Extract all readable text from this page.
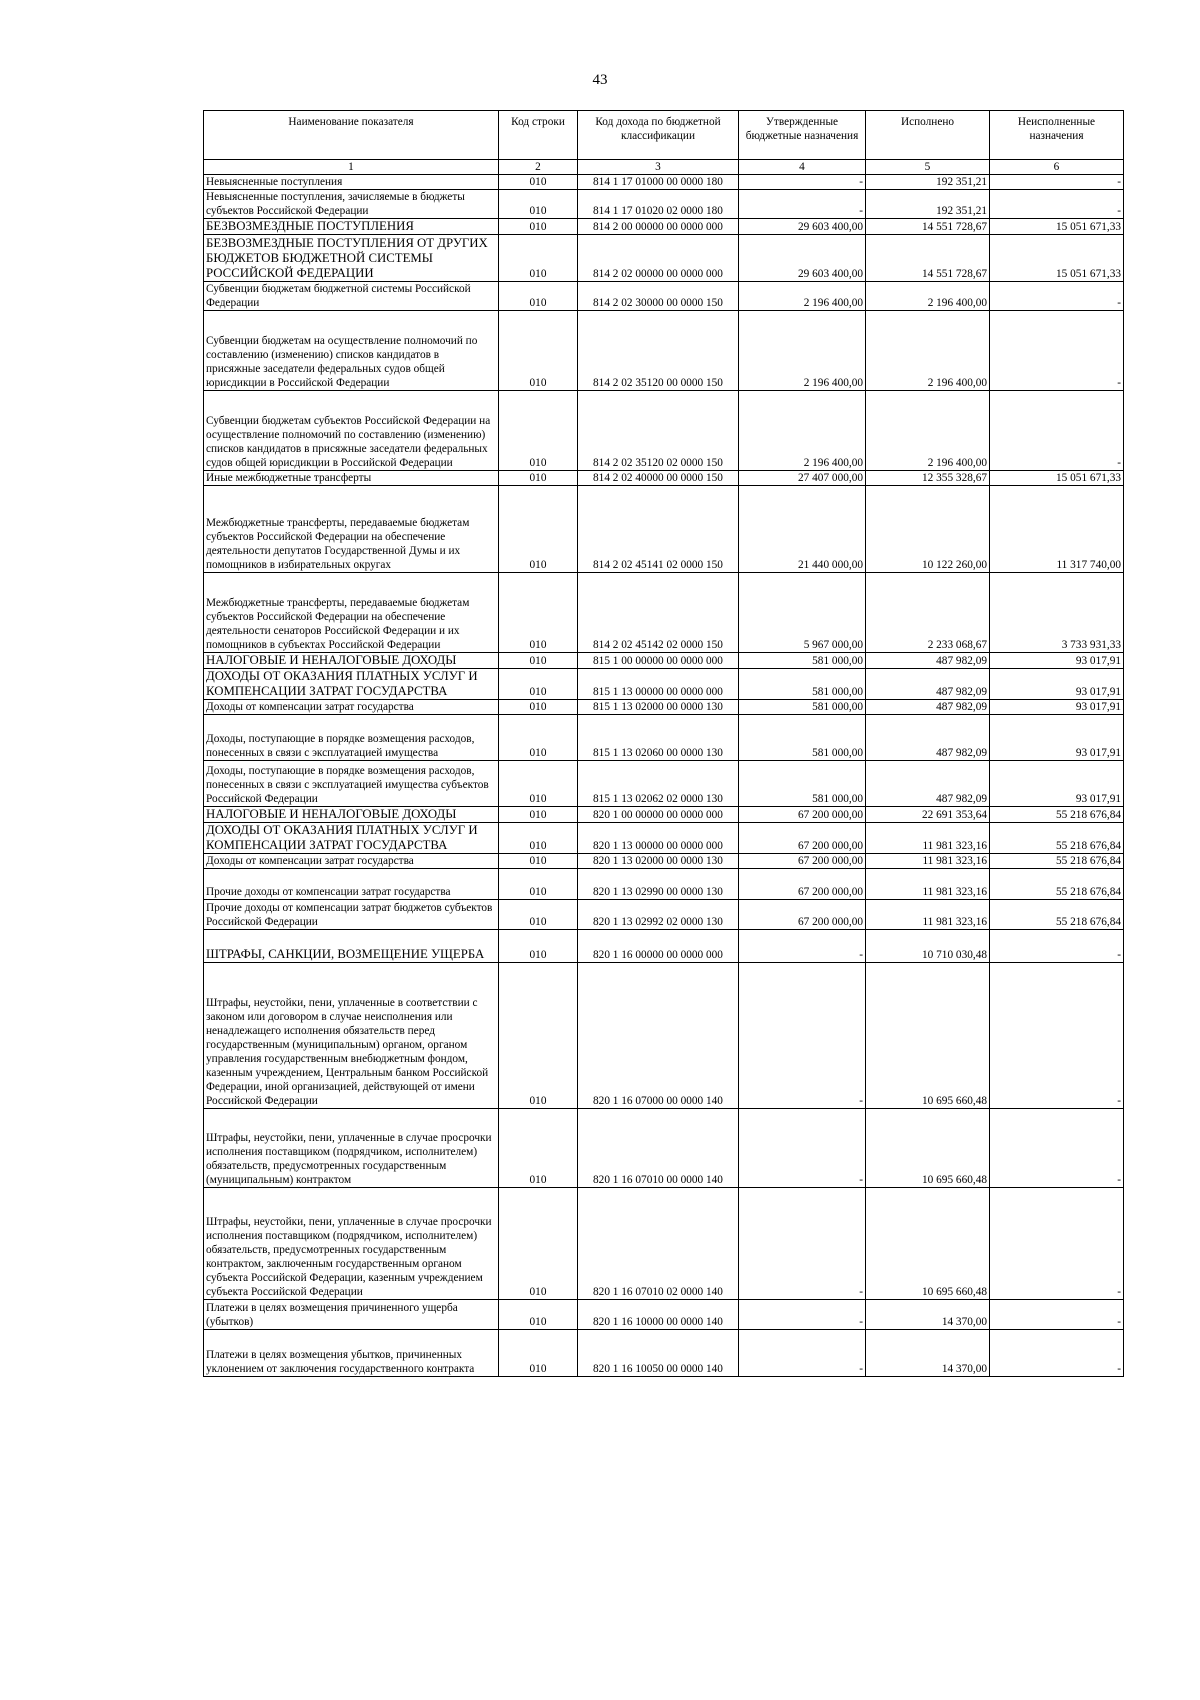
43
Наименование показателя	Код строки	Код дохода по бюджетной классификации	Утвержденные бюджетные назначения	Исполнено	Неисполненные назначения
1	2	3	4	5	6
Невыясненные поступления	010	814 1 17 01000 00 0000 180	-	192 351,21	-
Невыясненные поступления, зачисляемые в бюджеты субъектов Российской Федерации	010	814 1 17 01020 02 0000 180	-	192 351,21	-
БЕЗВОЗМЕЗДНЫЕ ПОСТУПЛЕНИЯ	010	814 2 00 00000 00 0000 000	29 603 400,00	14 551 728,67	15 051 671,33
БЕЗВОЗМЕЗДНЫЕ ПОСТУПЛЕНИЯ ОТ ДРУГИХ БЮДЖЕТОВ БЮДЖЕТНОЙ СИСТЕМЫ РОССИЙСКОЙ ФЕДЕРАЦИИ	010	814 2 02 00000 00 0000 000	29 603 400,00	14 551 728,67	15 051 671,33
Субвенции бюджетам бюджетной системы Российской Федерации	010	814 2 02 30000 00 0000 150	2 196 400,00	2 196 400,00	-
Субвенции бюджетам на осуществление полномочий по составлению (изменению) списков кандидатов в присяжные заседатели федеральных судов общей юрисдикции в Российской Федерации	010	814 2 02 35120 00 0000 150	2 196 400,00	2 196 400,00	-
Субвенции бюджетам субъектов Российской Федерации на осуществление полномочий по составлению (изменению) списков кандидатов в присяжные заседатели федеральных судов общей юрисдикции в Российской Федерации	010	814 2 02 35120 02 0000 150	2 196 400,00	2 196 400,00	-
Иные межбюджетные трансферты	010	814 2 02 40000 00 0000 150	27 407 000,00	12 355 328,67	15 051 671,33
Межбюджетные трансферты, передаваемые бюджетам субъектов Российской Федерации на обеспечение деятельности депутатов Государственной Думы и их помощников в избирательных округах	010	814 2 02 45141 02 0000 150	21 440 000,00	10 122 260,00	11 317 740,00
Межбюджетные трансферты, передаваемые бюджетам субъектов Российской Федерации на обеспечение деятельности сенаторов Российской Федерации и их помощников в субъектах Российской Федерации	010	814 2 02 45142 02 0000 150	5 967 000,00	2 233 068,67	3 733 931,33
НАЛОГОВЫЕ И НЕНАЛОГОВЫЕ ДОХОДЫ	010	815 1 00 00000 00 0000 000	581 000,00	487 982,09	93 017,91
ДОХОДЫ ОТ ОКАЗАНИЯ ПЛАТНЫХ УСЛУГ И КОМПЕНСАЦИИ ЗАТРАТ ГОСУДАРСТВА	010	815 1 13 00000 00 0000 000	581 000,00	487 982,09	93 017,91
Доходы от компенсации затрат государства	010	815 1 13 02000 00 0000 130	581 000,00	487 982,09	93 017,91
Доходы, поступающие в порядке возмещения расходов, понесенных в связи с эксплуатацией имущества	010	815 1 13 02060 00 0000 130	581 000,00	487 982,09	93 017,91
Доходы, поступающие в порядке возмещения расходов, понесенных в связи с эксплуатацией имущества субъектов Российской Федерации	010	815 1 13 02062 02 0000 130	581 000,00	487 982,09	93 017,91
НАЛОГОВЫЕ И НЕНАЛОГОВЫЕ ДОХОДЫ	010	820 1 00 00000 00 0000 000	67 200 000,00	22 691 353,64	55 218 676,84
ДОХОДЫ ОТ ОКАЗАНИЯ ПЛАТНЫХ УСЛУГ И КОМПЕНСАЦИИ ЗАТРАТ ГОСУДАРСТВА	010	820 1 13 00000 00 0000 000	67 200 000,00	11 981 323,16	55 218 676,84
Доходы от компенсации затрат государства	010	820 1 13 02000 00 0000 130	67 200 000,00	11 981 323,16	55 218 676,84
Прочие доходы от компенсации затрат государства	010	820 1 13 02990 00 0000 130	67 200 000,00	11 981 323,16	55 218 676,84
Прочие доходы от компенсации затрат бюджетов субъектов Российской Федерации	010	820 1 13 02992 02 0000 130	67 200 000,00	11 981 323,16	55 218 676,84
ШТРАФЫ, САНКЦИИ, ВОЗМЕЩЕНИЕ УЩЕРБА	010	820 1 16 00000 00 0000 000	-	10 710 030,48	-
Штрафы, неустойки, пени, уплаченные в соответствии с законом или договором в случае неисполнения или ненадлежащего исполнения обязательств перед государственным (муниципальным) органом, органом управления государственным внебюджетным фондом, казенным учреждением, Центральным банком Российской Федерации, иной организацией, действующей от имени Российской Федерации	010	820 1 16 07000 00 0000 140	-	10 695 660,48	-
Штрафы, неустойки, пени, уплаченные в случае просрочки исполнения поставщиком (подрядчиком, исполнителем) обязательств, предусмотренных государственным (муниципальным) контрактом	010	820 1 16 07010 00 0000 140	-	10 695 660,48	-
Штрафы, неустойки, пени, уплаченные в случае просрочки исполнения поставщиком (подрядчиком, исполнителем) обязательств, предусмотренных государственным контрактом, заключенным государственным органом субъекта Российской Федерации, казенным учреждением субъекта Российской Федерации	010	820 1 16 07010 02 0000 140	-	10 695 660,48	-
Платежи в целях возмещения причиненного ущерба (убытков)	010	820 1 16 10000 00 0000 140	-	14 370,00	-
Платежи в целях возмещения убытков, причиненных уклонением от заключения государственного контракта	010	820 1 16 10050 00 0000 140	-	14 370,00	-
